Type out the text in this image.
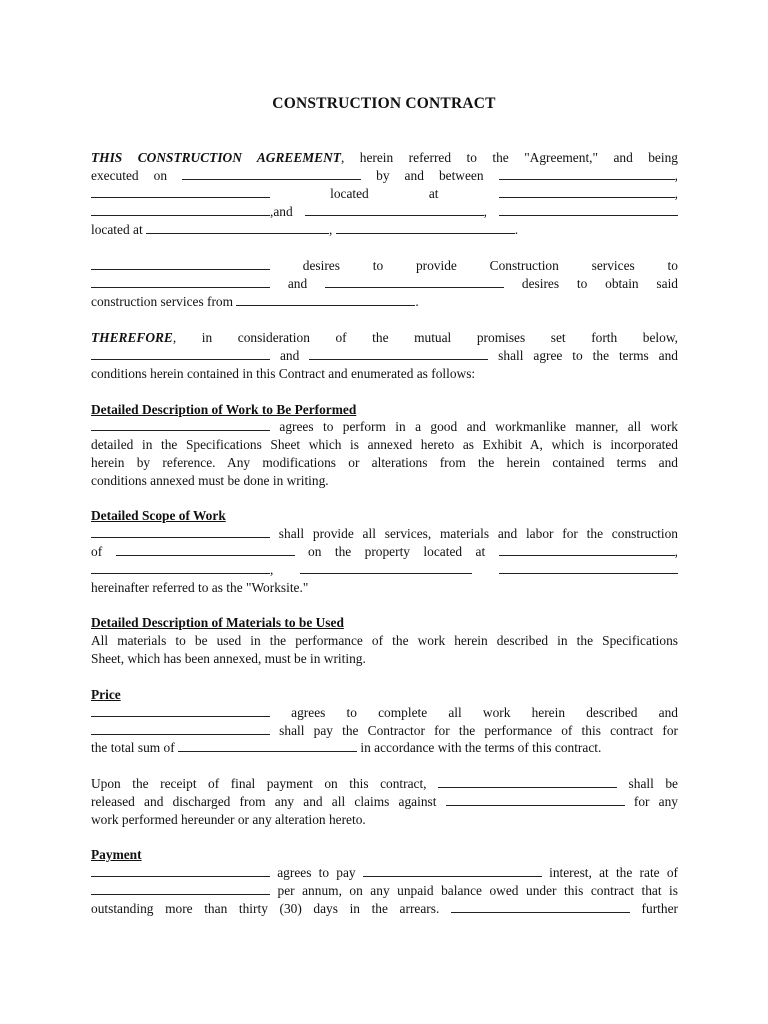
CONSTRUCTION CONTRACT
THIS CONSTRUCTION AGREEMENT, herein referred to the "Agreement," and being
executed on	by and between	,
located	at	,
,and	,
located at	,	.
desires to provide Construction services to
and	desires to obtain said
construction services from	.
THEREFORE, in consideration of the mutual promises set forth below,
and	shall agree to the terms and
conditions herein contained in this Contract and enumerated as follows:
Detailed Description of Work to Be Performed
agrees to perform in a good and workmanlike manner, all work
detailed in the Specifications Sheet which is annexed hereto as Exhibit A, which is incorporated
herein by reference. Any modifications or alterations from the herein contained terms and
conditions annexed must be done in writing.
Detailed Scope of Work
shall provide all services, materials and labor for the construction
of	on the property located at	,
,
hereinafter referred to as the "Worksite."
Detailed Description of Materials to be Used
All materials to be used in the performance of the work herein described in the Specifications
Sheet, which has been annexed, must be in writing.
Price
agrees to complete all work herein described and
shall pay the Contractor for the performance of this contract for
the total sum of	in accordance with the terms of this contract.
Upon the receipt of final payment on this contract,	shall be
released and discharged from any and all claims against	for any
work performed hereunder or any alteration hereto.
Payment
agrees to pay	interest, at the rate of
per annum, on any unpaid balance owed under this contract that is
outstanding more than thirty (30) days in the arrears.	further
